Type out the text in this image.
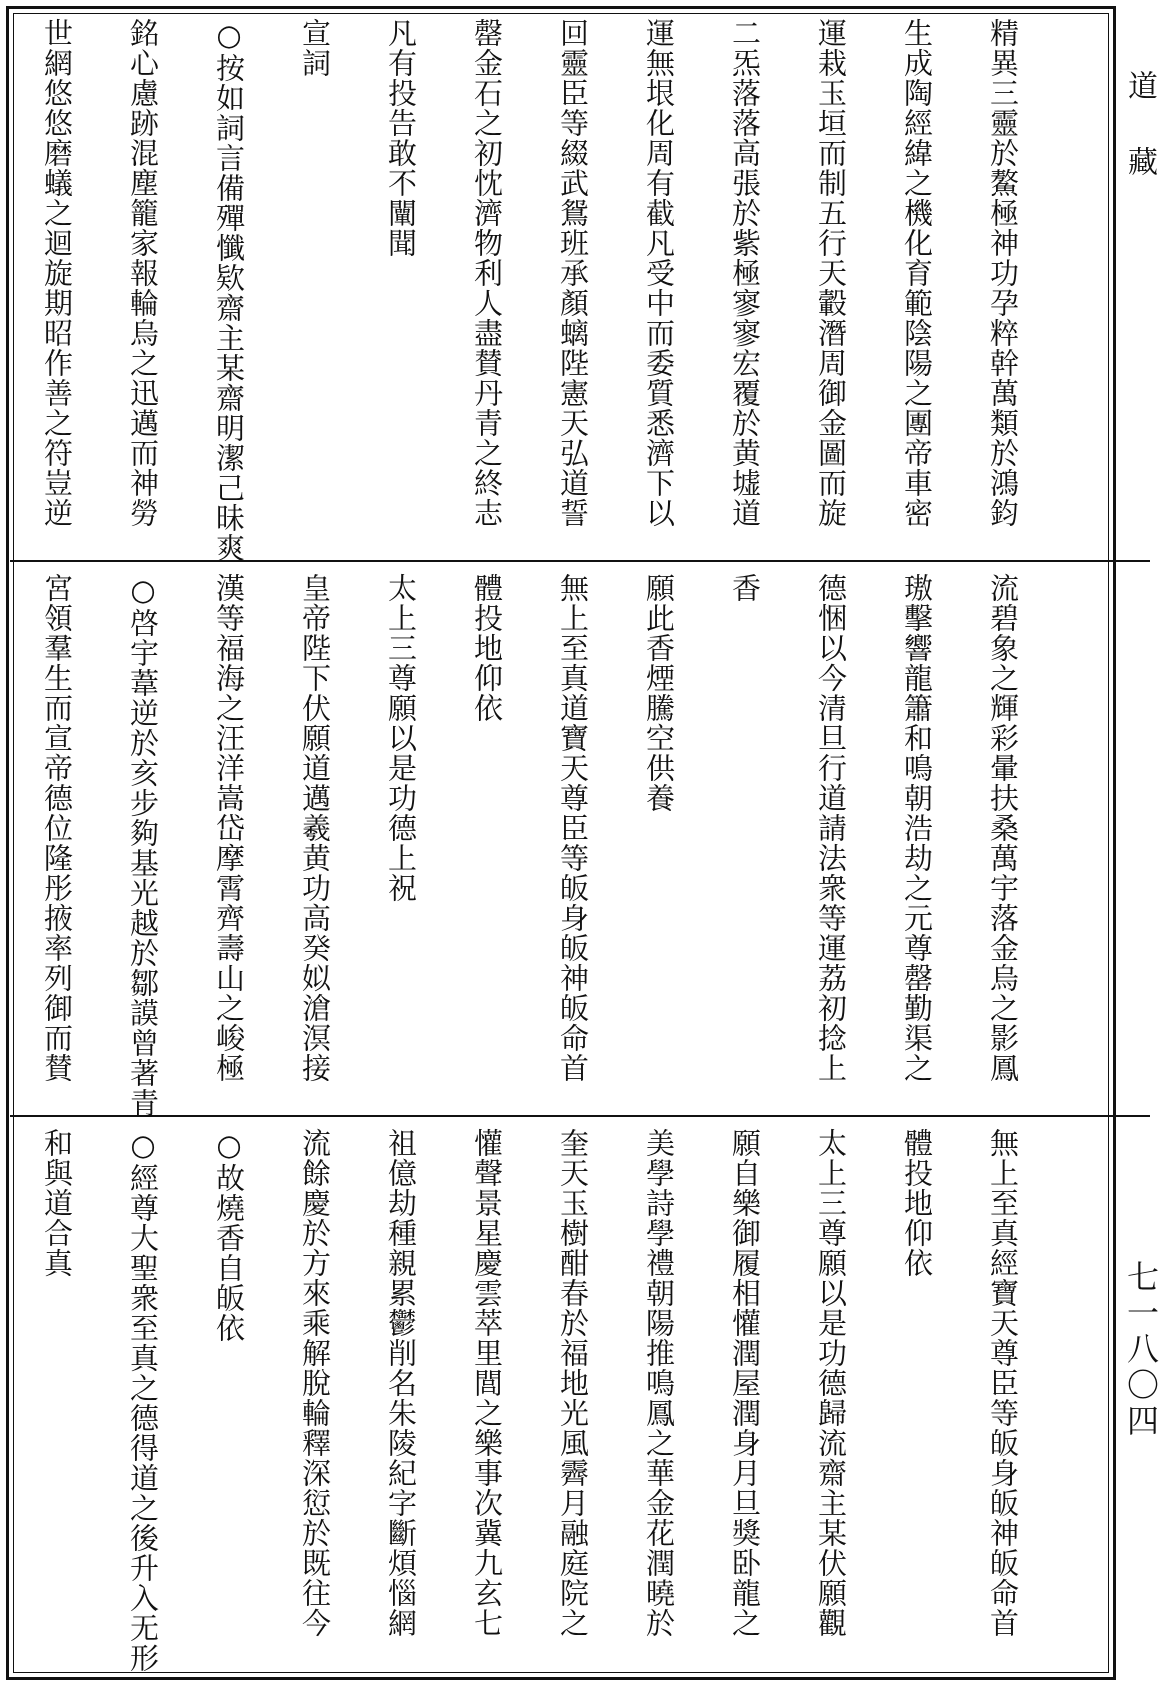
道藏
七一八〇四
精異三靈於鰲極神功孕粹幹萬類於鴻鈞
生成陶經緯之機化育範陰陽之團帝車密
運栽玉垣而制五行天轂潛周御金圖而旋
二炁落落高張於紫極寥寥宏覆於黄墟道
運無垠化周有截凡受中而委質悉濟下以
回靈臣等綴武鴛班承顏螭陛憲天弘道誓
罄金石之初忱濟物利人盡賛丹青之終志
凡有投告敢不闡聞
宣詞
○按如詞言備殫懺欵齋主某齋明潔己昧爽
銘心慮跡混塵籠家報輪烏之迅邁而神勞
世網悠悠磨蟻之迴旋期昭作善之符豈逆
流碧象之輝彩暈扶桑萬宇落金烏之影鳳
璈擊響龍簫和鳴朝浩劫之元尊罄勤渠之
德悃以今清旦行道請法衆等運荔初捻上
香
願此香煙騰空供養
無上至真道寶天尊臣等皈身皈神皈命首
體投地仰依
太上三尊願以是功德上祝
皇帝陛下伏願道邁羲黄功高癸姒滄溟接
漢等福海之汪洋嵩岱摩霄齊壽山之峻極
○啓宇葦逆於亥步夠基光越於鄒謨曾著青
宮領羣生而宣帝德位隆彤掖率列御而賛
無上至真經寶天尊臣等皈身皈神皈命首
體投地仰依
太上三尊願以是功德歸流齋主某伏願觀
願自樂御履相懽潤屋潤身月旦獎卧龍之
美學詩學禮朝陽推鳴鳳之華金花潤曉於
奎天玉樹酣春於福地光風霽月融庭院之
懽聲景星慶雲萃里閭之樂事次冀九玄七
祖億劫種親累鬱削名朱陵紀字斷煩惱網
流餘慶於方來乘解脫輪釋深愆於既往今
○故燒香自皈依
○經尊大聖衆至真之德得道之後升入无形
和與道合真
